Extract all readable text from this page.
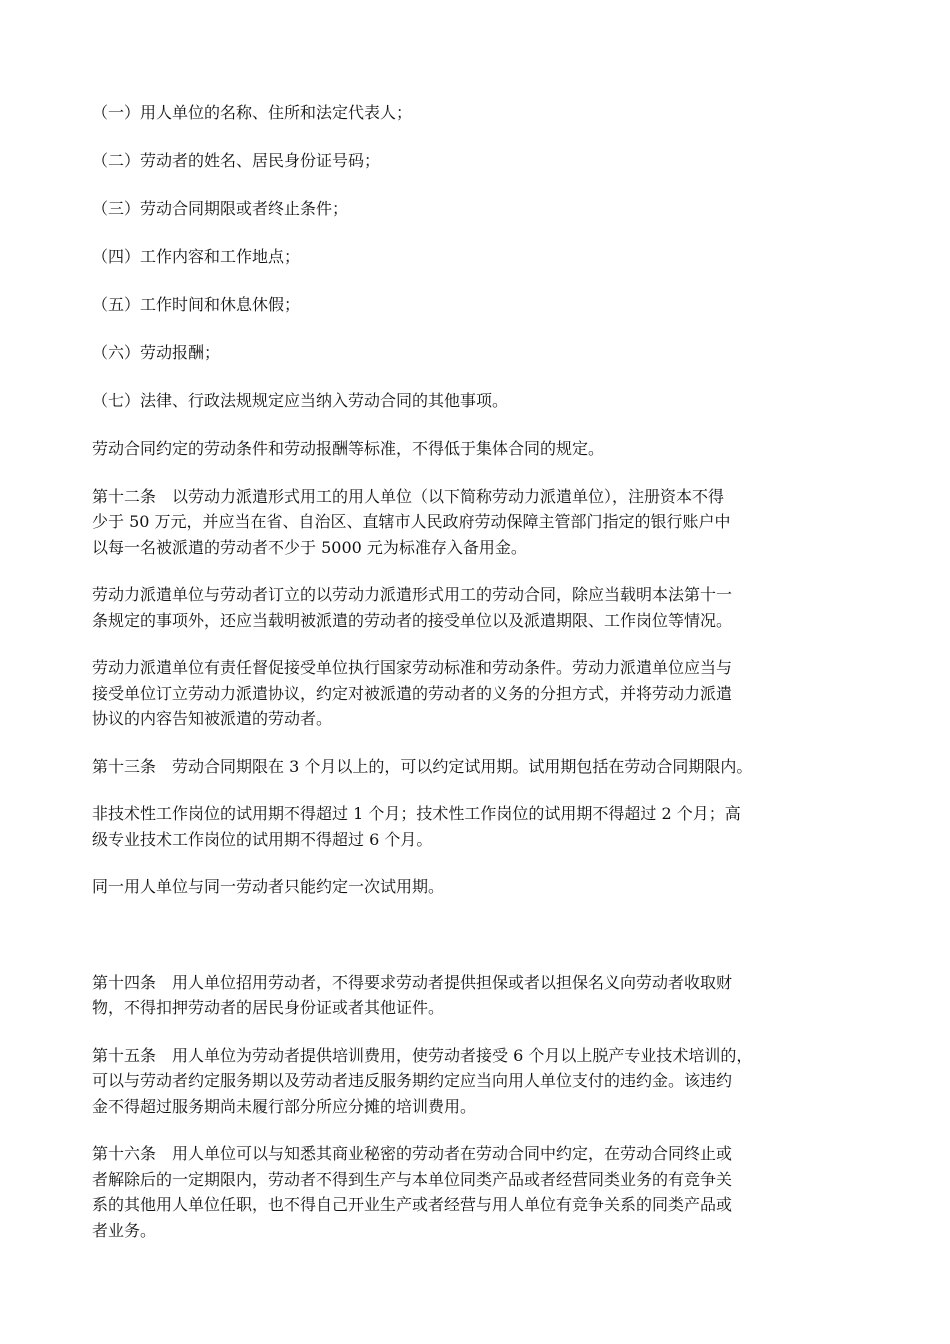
（一）用人单位的名称、住所和法定代表人；

（二）劳动者的姓名、居民身份证号码；

（三）劳动合同期限或者终止条件；

（四）工作内容和工作地点；

（五）工作时间和休息休假；

（六）劳动报酬；

（七）法律、行政法规规定应当纳入劳动合同的其他事项。

劳动合同约定的劳动条件和劳动报酬等标准，不得低于集体合同的规定。

第十二条　以劳动力派遣形式用工的用人单位（以下简称劳动力派遣单位），注册资本不得
少于 50 万元，并应当在省、自治区、直辖市人民政府劳动保障主管部门指定的银行账户中
以每一名被派遣的劳动者不少于 5000 元为标准存入备用金。

劳动力派遣单位与劳动者订立的以劳动力派遣形式用工的劳动合同，除应当载明本法第十一
条规定的事项外，还应当载明被派遣的劳动者的接受单位以及派遣期限、工作岗位等情况。

劳动力派遣单位有责任督促接受单位执行国家劳动标准和劳动条件。劳动力派遣单位应当与
接受单位订立劳动力派遣协议，约定对被派遣的劳动者的义务的分担方式，并将劳动力派遣
协议的内容告知被派遣的劳动者。

第十三条　劳动合同期限在 3 个月以上的，可以约定试用期。试用期包括在劳动合同期限内。

非技术性工作岗位的试用期不得超过 1 个月；技术性工作岗位的试用期不得超过 2 个月；高
级专业技术工作岗位的试用期不得超过 6 个月。

同一用人单位与同一劳动者只能约定一次试用期。

第十四条　用人单位招用劳动者，不得要求劳动者提供担保或者以担保名义向劳动者收取财
物，不得扣押劳动者的居民身份证或者其他证件。

第十五条　用人单位为劳动者提供培训费用，使劳动者接受 6 个月以上脱产专业技术培训的，
可以与劳动者约定服务期以及劳动者违反服务期约定应当向用人单位支付的违约金。该违约
金不得超过服务期尚未履行部分所应分摊的培训费用。

第十六条　用人单位可以与知悉其商业秘密的劳动者在劳动合同中约定，在劳动合同终止或
者解除后的一定期限内，劳动者不得到生产与本单位同类产品或者经营同类业务的有竞争关
系的其他用人单位任职，也不得自己开业生产或者经营与用人单位有竞争关系的同类产品或
者业务。
